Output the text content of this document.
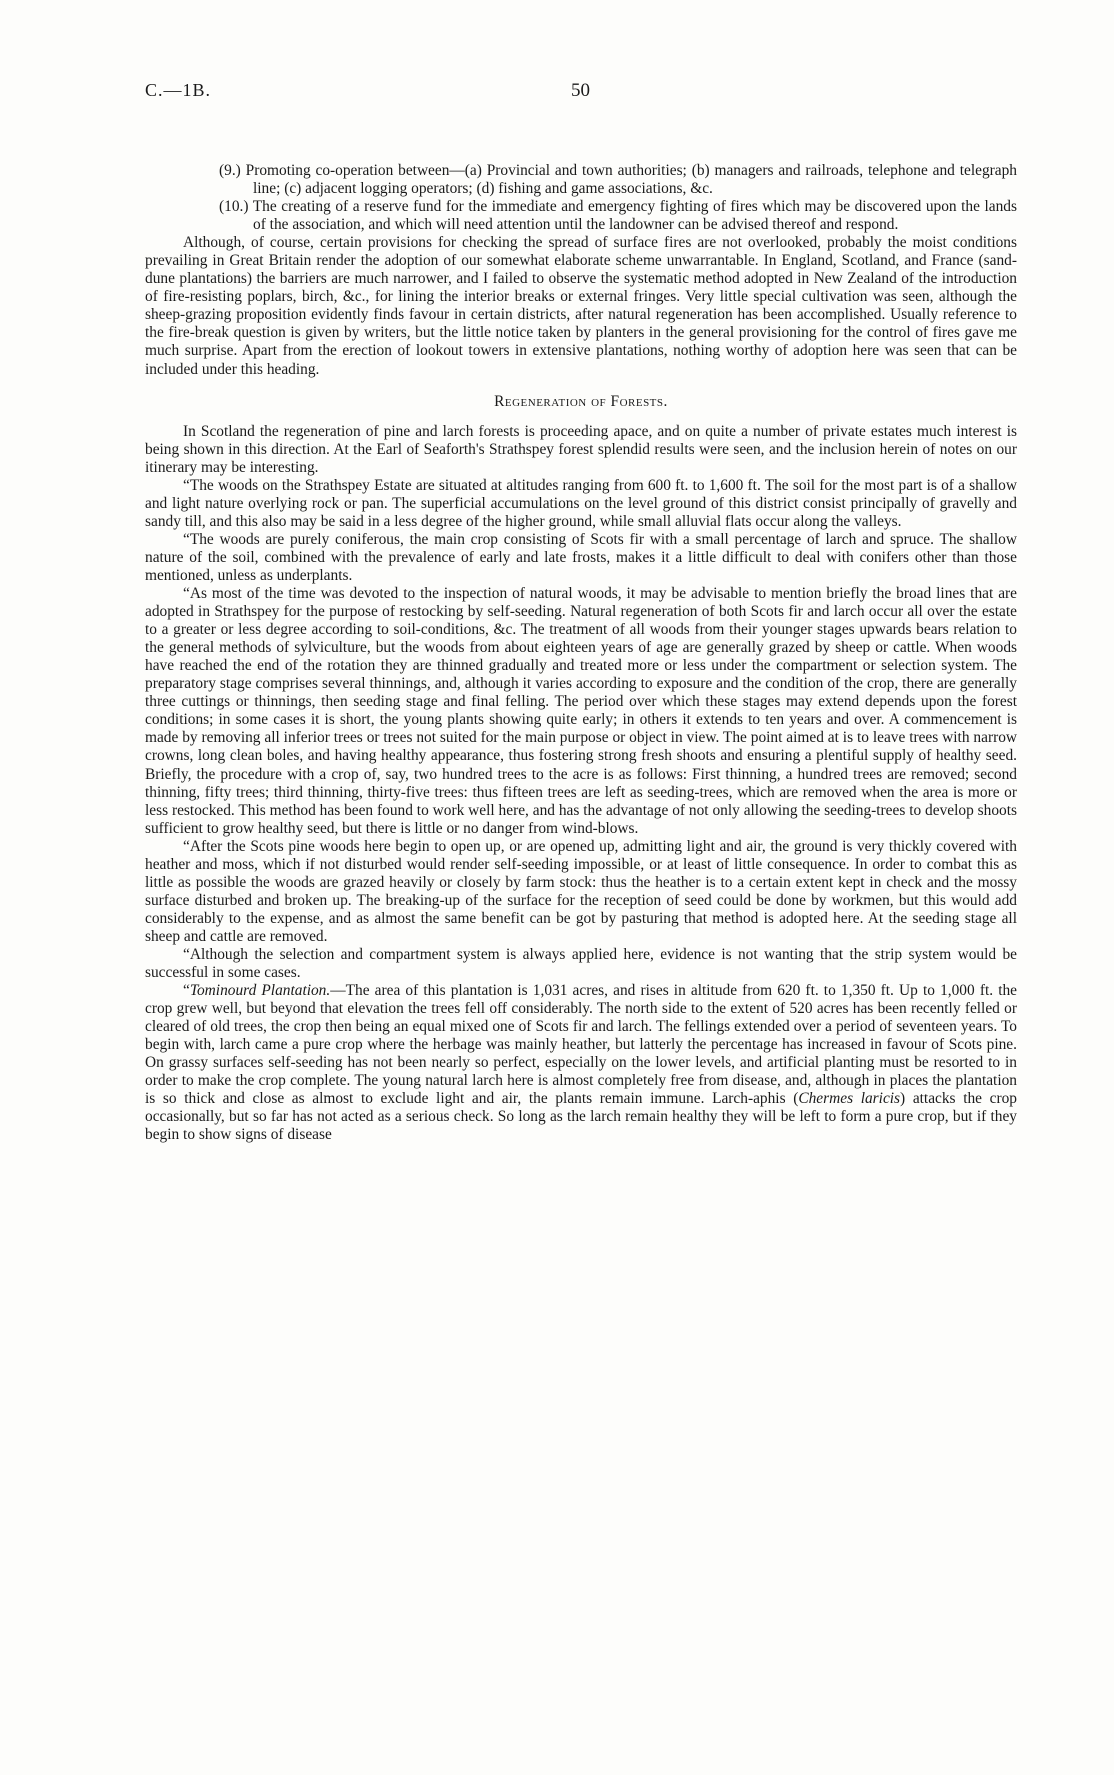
C.—1B.	50

(9.) Promoting co-operation between—(a) Provincial and town authorities; (b) managers and railroads, telephone and telegraph line; (c) adjacent logging operators; (d) fishing and game associations, &c.

(10.) The creating of a reserve fund for the immediate and emergency fighting of fires which may be discovered upon the lands of the association, and which will need attention until the landowner can be advised thereof and respond.

Although, of course, certain provisions for checking the spread of surface fires are not overlooked, probably the moist conditions prevailing in Great Britain render the adoption of our somewhat elaborate scheme unwarrantable. In England, Scotland, and France (sand-dune plantations) the barriers are much narrower, and I failed to observe the systematic method adopted in New Zealand of the introduction of fire-resisting poplars, birch, &c., for lining the interior breaks or external fringes. Very little special cultivation was seen, although the sheep-grazing proposition evidently finds favour in certain districts, after natural regeneration has been accomplished. Usually reference to the fire-break question is given by writers, but the little notice taken by planters in the general provisioning for the control of fires gave me much surprise. Apart from the erection of lookout towers in extensive plantations, nothing worthy of adoption here was seen that can be included under this heading.

Regeneration of Forests.

In Scotland the regeneration of pine and larch forests is proceeding apace, and on quite a number of private estates much interest is being shown in this direction. At the Earl of Seaforth's Strathspey forest splendid results were seen, and the inclusion herein of notes on our itinerary may be interesting.

“The woods on the Strathspey Estate are situated at altitudes ranging from 600 ft. to 1,600 ft. The soil for the most part is of a shallow and light nature overlying rock or pan. The superficial accumulations on the level ground of this district consist principally of gravelly and sandy till, and this also may be said in a less degree of the higher ground, while small alluvial flats occur along the valleys.

“The woods are purely coniferous, the main crop consisting of Scots fir with a small percentage of larch and spruce. The shallow nature of the soil, combined with the prevalence of early and late frosts, makes it a little difficult to deal with conifers other than those mentioned, unless as underplants.

“As most of the time was devoted to the inspection of natural woods, it may be advisable to mention briefly the broad lines that are adopted in Strathspey for the purpose of restocking by self-seeding. Natural regeneration of both Scots fir and larch occur all over the estate to a greater or less degree according to soil-conditions, &c. The treatment of all woods from their younger stages upwards bears relation to the general methods of sylviculture, but the woods from about eighteen years of age are generally grazed by sheep or cattle. When woods have reached the end of the rotation they are thinned gradually and treated more or less under the compartment or selection system. The preparatory stage comprises several thinnings, and, although it varies according to exposure and the condition of the crop, there are generally three cuttings or thinnings, then seeding stage and final felling. The period over which these stages may extend depends upon the forest conditions; in some cases it is short, the young plants showing quite early; in others it extends to ten years and over. A commencement is made by removing all inferior trees or trees not suited for the main purpose or object in view. The point aimed at is to leave trees with narrow crowns, long clean boles, and having healthy appearance, thus fostering strong fresh shoots and ensuring a plentiful supply of healthy seed. Briefly, the procedure with a crop of, say, two hundred trees to the acre is as follows: First thinning, a hundred trees are removed; second thinning, fifty trees; third thinning, thirty-five trees: thus fifteen trees are left as seeding-trees, which are removed when the area is more or less restocked. This method has been found to work well here, and has the advantage of not only allowing the seeding-trees to develop shoots sufficient to grow healthy seed, but there is little or no danger from wind-blows.

“After the Scots pine woods here begin to open up, or are opened up, admitting light and air, the ground is very thickly covered with heather and moss, which if not disturbed would render self-seeding impossible, or at least of little consequence. In order to combat this as little as possible the woods are grazed heavily or closely by farm stock: thus the heather is to a certain extent kept in check and the mossy surface disturbed and broken up. The breaking-up of the surface for the reception of seed could be done by workmen, but this would add considerably to the expense, and as almost the same benefit can be got by pasturing that method is adopted here. At the seeding stage all sheep and cattle are removed.

“Although the selection and compartment system is always applied here, evidence is not wanting that the strip system would be successful in some cases.

“Tominourd Plantation.—The area of this plantation is 1,031 acres, and rises in altitude from 620 ft. to 1,350 ft. Up to 1,000 ft. the crop grew well, but beyond that elevation the trees fell off considerably. The north side to the extent of 520 acres has been recently felled or cleared of old trees, the crop then being an equal mixed one of Scots fir and larch. The fellings extended over a period of seventeen years. To begin with, larch came a pure crop where the herbage was mainly heather, but latterly the percentage has increased in favour of Scots pine. On grassy surfaces self-seeding has not been nearly so perfect, especially on the lower levels, and artificial planting must be resorted to in order to make the crop complete. The young natural larch here is almost completely free from disease, and, although in places the plantation is so thick and close as almost to exclude light and air, the plants remain immune. Larch-aphis (Chermes laricis) attacks the crop occasionally, but so far has not acted as a serious check. So long as the larch remain healthy they will be left to form a pure crop, but if they begin to show signs of disease
